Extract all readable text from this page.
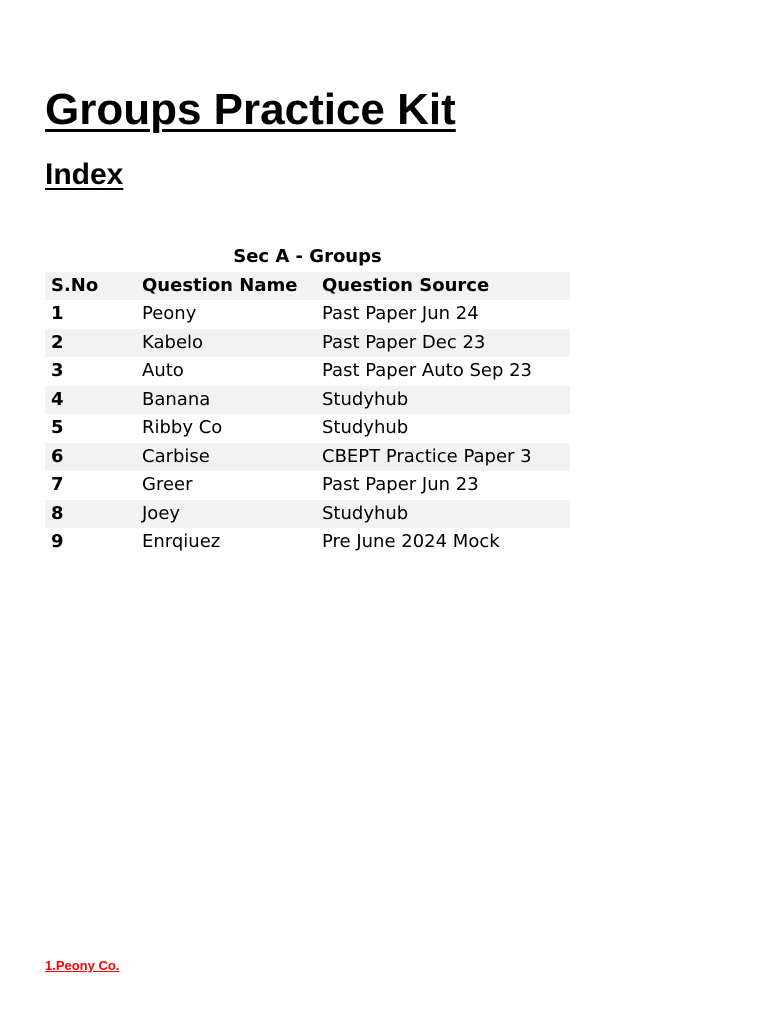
Groups Practice Kit
Index
Sec A - Groups		
S.No	Question Name	Question Source
1	Peony	Past Paper Jun 24
2	Kabelo	Past Paper Dec 23
3	Auto	Past Paper Auto Sep 23
4	Banana	Studyhub
5	Ribby Co	Studyhub
6	Carbise	CBEPT Practice Paper 3
7	Greer	Past Paper Jun 23
8	Joey	Studyhub
9	Enrqiuez	Pre June 2024 Mock
1.Peony Co.
